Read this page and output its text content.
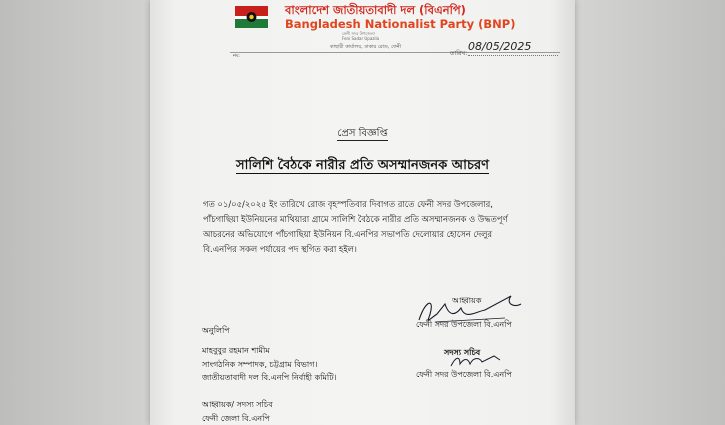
বাংলাদেশ জাতীয়তাবাদী দল (বিএনপি)
Bangladesh Nationalist Party (BNP)
ফেনী সদর উপজেলা
Feni Sadar Upazila
কাছারী কার্যালয়, ঢাকার রোড, ফেনী
নং:	তারিখ:
08/05/2025
প্রেস বিজ্ঞপ্তি
সালিশি বৈঠকে নারীর প্রতি অসম্মানজনক আচরণ
গত ০১/০৫/২০২৫ ইং তারিখে রোজ বৃহস্পতিবার দিবাগত রাতে ফেনী সদর উপজেলার,
পাঁচগাছিয়া ইউনিয়নের মাথিয়ারা গ্রামে সালিশি বৈঠকে নারীর প্রতি অসম্মানজনক ও উদ্ধতপূর্ণ
আচরনের অভিযোগে পাঁচগাছিয়া ইউনিয়ন বি.এনপির সভাপতি দেলোয়ার হোসেন দেলুর
বি.এনপির সকল পর্যায়ের পদ স্থগিত করা হইল।
আহ্বায়ক
ফেনী সদর উপজেলা বি.এনপি
অনুলিপি
মাহবুবুর রহমান শামীম
সাংগঠনিক সম্পাদক, চট্টগ্রাম বিভাগ।
জাতীয়তাবাদী দল বি.এনপি নির্বাহী কমিটি।
সদস্য সচিব
ফেনী সদর উপজেলা বি.এনপি
আহ্বায়ক/ সদস্য সচিব
ফেনী জেলা বি.এনপি
